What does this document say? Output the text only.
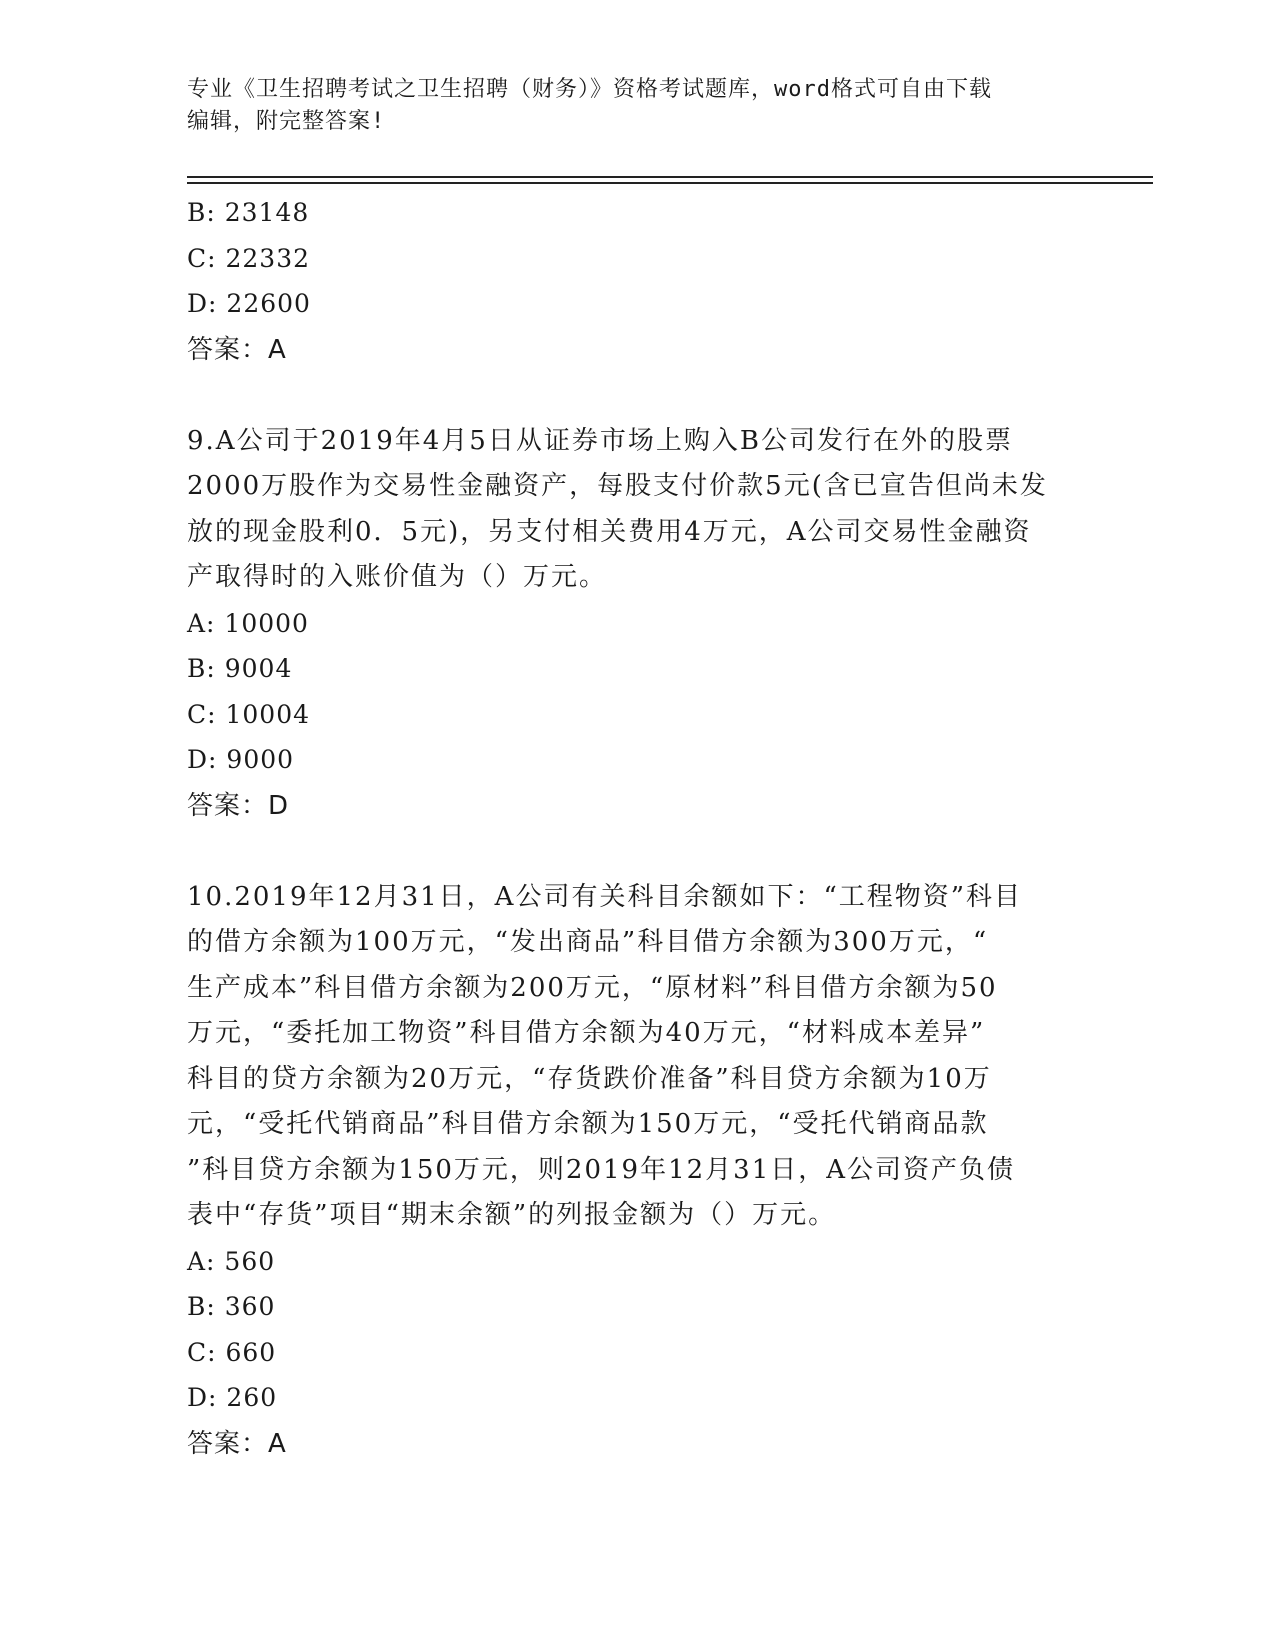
专业《卫生招聘考试之卫生招聘（财务）》资格考试题库，word格式可自由下载
编辑，附完整答案!
B: 23148
C: 22332
D: 22600
答案：A
9.A公司于2019年4月5日从证券市场上购入B公司发行在外的股票
2000万股作为交易性金融资产，每股支付价款5元(含已宣告但尚未发
放的现金股利0．5元)，另支付相关费用4万元，A公司交易性金融资
产取得时的入账价值为（）万元。
A: 10000
B: 9004
C: 10004
D: 9000
答案：D
10.2019年12月31日，A公司有关科目余额如下：“工程物资”科目
的借方余额为100万元，“发出商品”科目借方余额为300万元，“
生产成本”科目借方余额为200万元，“原材料”科目借方余额为50
万元，“委托加工物资”科目借方余额为40万元，“材料成本差异”
科目的贷方余额为20万元，“存货跌价准备”科目贷方余额为10万
元，“受托代销商品”科目借方余额为150万元，“受托代销商品款
”科目贷方余额为150万元，则2019年12月31日，A公司资产负债
表中“存货”项目“期末余额”的列报金额为（）万元。
A: 560
B: 360
C: 660
D: 260
答案：A
